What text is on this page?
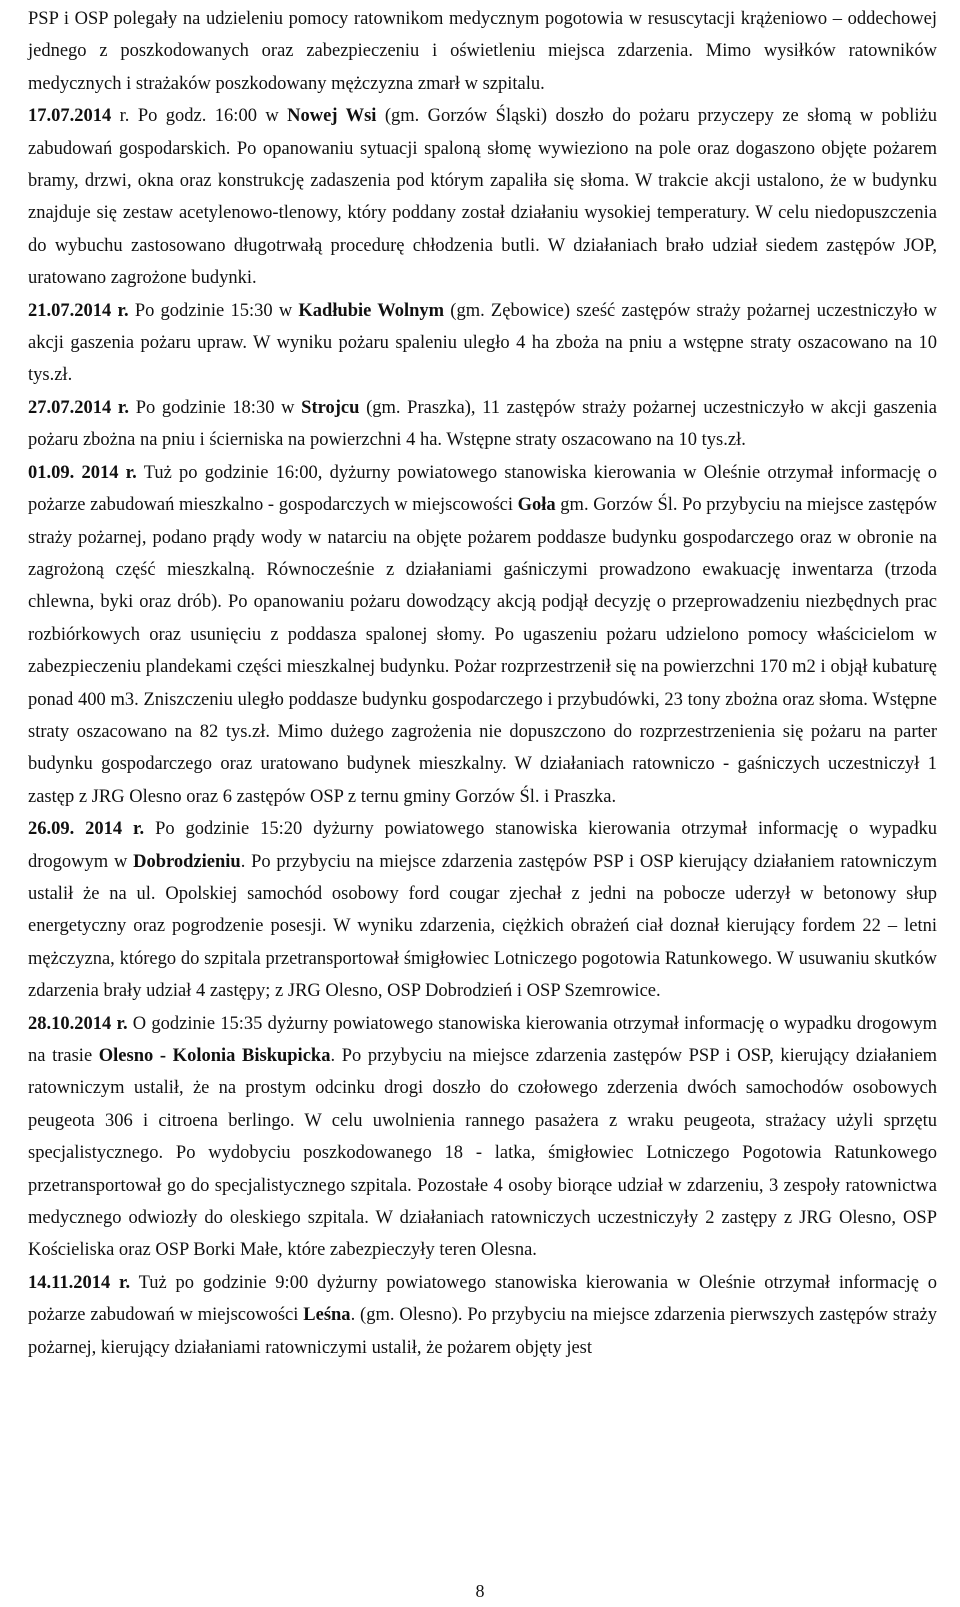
PSP i OSP polegały na udzieleniu pomocy ratownikom medycznym pogotowia w resuscytacji krążeniowo – oddechowej jednego z poszkodowanych oraz zabezpieczeniu i oświetleniu miejsca zdarzenia. Mimo wysiłków ratowników medycznych i strażaków poszkodowany mężczyzna zmarł w szpitalu.

17.07.2014 r. Po godz. 16:00 w Nowej Wsi (gm. Gorzów Śląski) doszło do pożaru przyczepy ze słomą w pobliżu zabudowań gospodarskich. Po opanowaniu sytuacji spaloną słomę wywieziono na pole oraz dogaszono objęte pożarem bramy, drzwi, okna oraz konstrukcję zadaszenia pod którym zapaliła się słoma. W trakcie akcji ustalono, że w budynku znajduje się zestaw acetylenowo-tlenowy, który poddany został działaniu wysokiej temperatury. W celu niedopuszczenia do wybuchu zastosowano długotrwałą procedurę chłodzenia butli. W działaniach brało udział siedem zastępów JOP, uratowano zagrożone budynki.

21.07.2014 r. Po godzinie 15:30 w Kadłubie Wolnym (gm. Zębowice) sześć zastępów straży pożarnej uczestniczyło w akcji gaszenia pożaru upraw. W wyniku pożaru spaleniu uległo 4 ha zboża na pniu a wstępne straty oszacowano na 10 tys.zł.

27.07.2014 r. Po godzinie 18:30 w Strojcu (gm. Praszka), 11 zastępów straży pożarnej uczestniczyło w akcji gaszenia pożaru zbożna na pniu i ścierniska na powierzchni 4 ha. Wstępne straty oszacowano na 10 tys.zł.

01.09. 2014 r. Tuż po godzinie 16:00, dyżurny powiatowego stanowiska kierowania w Oleśnie otrzymał informację o pożarze zabudowań mieszkalno - gospodarczych w miejscowości Goła gm. Gorzów Śl. Po przybyciu na miejsce zastępów straży pożarnej, podano prądy wody w natarciu na objęte pożarem poddasze budynku gospodarczego oraz w obronie na zagrożoną część mieszkalną. Równocześnie z działaniami gaśniczymi prowadzono ewakuację inwentarza (trzoda chlewna, byki oraz drób). Po opanowaniu pożaru dowodzący akcją podjął decyzję o przeprowadzeniu niezbędnych prac rozbiórkowych oraz usunięciu z poddasza spalonej słomy. Po ugaszeniu pożaru udzielono pomocy właścicielom w zabezpieczeniu plandekami części mieszkalnej budynku. Pożar rozprzestrzenił się na powierzchni 170 m2 i objął kubaturę ponad 400 m3. Zniszczeniu uległo poddasze budynku gospodarczego i przybudówki, 23 tony zbożna oraz słoma. Wstępne straty oszacowano na 82 tys.zł. Mimo dużego zagrożenia nie dopuszczono do rozprzestrzenienia się pożaru na parter budynku gospodarczego oraz uratowano budynek mieszkalny. W działaniach ratowniczo - gaśniczych uczestniczył 1 zastęp z JRG Olesno oraz 6 zastępów OSP z ternu gminy Gorzów Śl. i Praszka.

26.09. 2014 r. Po godzinie 15:20 dyżurny powiatowego stanowiska kierowania otrzymał informację o wypadku drogowym w Dobrodzieniu. Po przybyciu na miejsce zdarzenia zastępów PSP i OSP kierujący działaniem ratowniczym ustalił że na ul. Opolskiej samochód osobowy ford cougar zjechał z jedni na pobocze uderzył w betonowy słup energetyczny oraz pogrodzenie posesji. W wyniku zdarzenia, ciężkich obrażeń ciał doznał kierujący fordem 22 – letni mężczyzna, którego do szpitala przetransportował śmigłowiec Lotniczego pogotowia Ratunkowego. W usuwaniu skutków zdarzenia brały udział 4 zastępy; z JRG Olesno, OSP Dobrodzień i OSP Szemrowice.

28.10.2014 r. O godzinie 15:35 dyżurny powiatowego stanowiska kierowania otrzymał informację o wypadku drogowym na trasie Olesno - Kolonia Biskupicka. Po przybyciu na miejsce zdarzenia zastępów PSP i OSP, kierujący działaniem ratowniczym ustalił, że na prostym odcinku drogi doszło do czołowego zderzenia dwóch samochodów osobowych peugeota 306 i citroena berlingo. W celu uwolnienia rannego pasażera z wraku peugeota, strażacy użyli sprzętu specjalistycznego. Po wydobyciu poszkodowanego 18 - latka, śmigłowiec Lotniczego Pogotowia Ratunkowego przetransportował go do specjalistycznego szpitala. Pozostałe 4 osoby biorące udział w zdarzeniu, 3 zespoły ratownictwa medycznego odwiozły do oleskiego szpitala. W działaniach ratowniczych uczestniczyły 2 zastępy z JRG Olesno, OSP Kościeliska oraz OSP Borki Małe, które zabezpieczyły teren Olesna.

14.11.2014 r. Tuż po godzinie 9:00 dyżurny powiatowego stanowiska kierowania w Oleśnie otrzymał informację o pożarze zabudowań w miejscowości Leśna. (gm. Olesno). Po przybyciu na miejsce zdarzenia pierwszych zastępów straży pożarnej, kierujący działaniami ratowniczymi ustalił, że pożarem objęty jest

8
